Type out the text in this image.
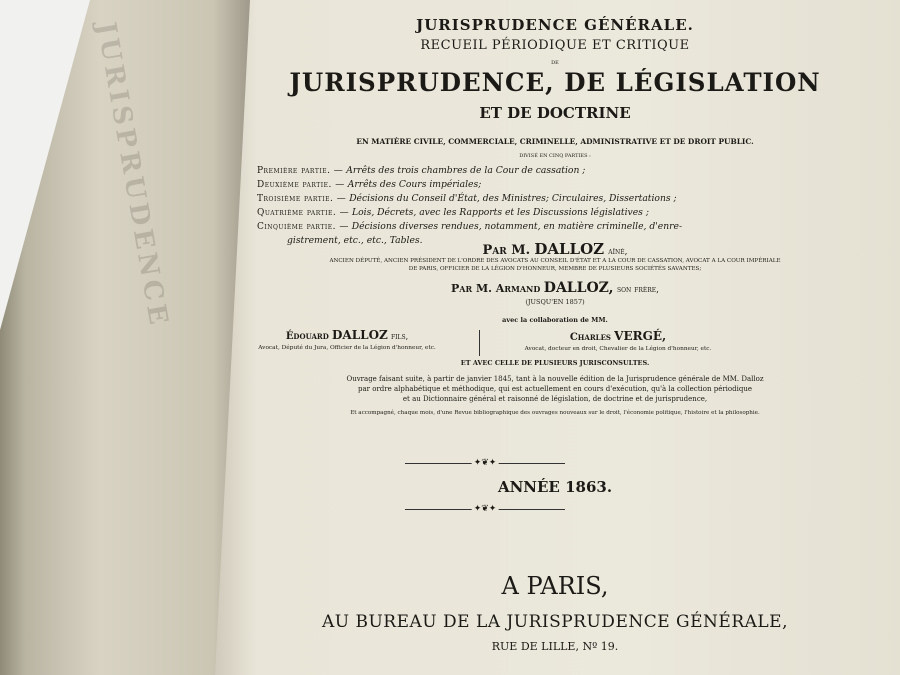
JURISPRUDENCE	JURISPRUDENCE GÉNÉRALE.
RECUEIL PÉRIODIQUE ET CRITIQUE
DE
JURISPRUDENCE, DE LÉGISLATION
ET DE DOCTRINE
EN MATIÈRE CIVILE, COMMERCIALE, CRIMINELLE, ADMINISTRATIVE ET DE DROIT PUBLIC.
DIVISÉ EN CINQ PARTIES :
Première partie. — Arrêts des trois chambres de la Cour de cassation ;
Deuxième partie. — Arrêts des Cours impériales;
Troisième partie. — Décisions du Conseil d'État, des Ministres; Circulaires, Dissertations ;
Quatrième partie. — Lois, Décrets, avec les Rapports et les Discussions législatives ;
Cinquième partie. — Décisions diverses rendues, notamment, en matière criminelle, d'enre-
gistrement, etc., etc., Tables.
Par M. DALLOZ aîné,
ANCIEN DÉPUTÉ, ANCIEN PRÉSIDENT DE L'ORDRE DES AVOCATS AU CONSEIL D'ÉTAT ET A LA COUR DE CASSATION, AVOCAT A LA COUR IMPÉRIALE
DE PARIS, OFFICIER DE LA LÉGION D'HONNEUR, MEMBRE DE PLUSIEURS SOCIÉTÉS SAVANTES;
Par M. Armand DALLOZ, son frère,
(JUSQU'EN 1857)
avec la collaboration de MM.
Édouard DALLOZ fils,
Avocat, Député du Jura, Officier de la Légion d'honneur, etc.
Charles VERGÉ,
Avocat, docteur en droit, Chevalier de la Légion d'honneur, etc.
ET AVEC CELLE DE PLUSIEURS JURISCONSULTES.
Ouvrage faisant suite, à partir de janvier 1845, tant à la nouvelle édition de la Jurisprudence générale de MM. Dalloz
par ordre alphabétique et méthodique, qui est actuellement en cours d'exécution, qu'à la collection périodique
et au Dictionnaire général et raisonné de législation, de doctrine et de jurisprudence,
Et accompagné, chaque mois, d'une Revue bibliographique des ouvrages nouveaux sur le droit, l'économie politique, l'histoire et la philosophie.
✦❦✦
ANNÉE 1863.
✦❦✦
A PARIS,
AU BUREAU DE LA JURISPRUDENCE GÉNÉRALE,
RUE DE LILLE, Nº 19.
